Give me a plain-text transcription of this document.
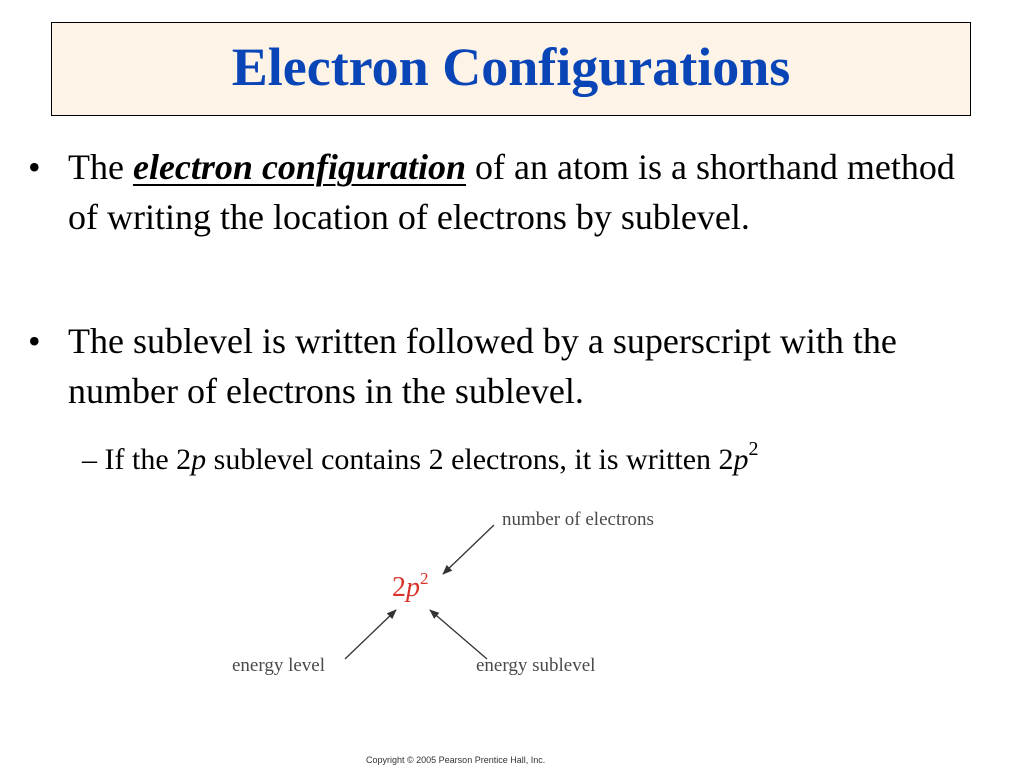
Electron Configurations
• The electron configuration of an atom is a shorthand method of writing the location of electrons by sublevel.
• The sublevel is written followed by a superscript with the number of electrons in the sublevel.
– If the 2p sublevel contains 2 electrons, it is written $2p^2$
$2p^2$
number of electrons
energy level	energy sublevel
Copyright © 2005 Pearson Prentice Hall, Inc.
